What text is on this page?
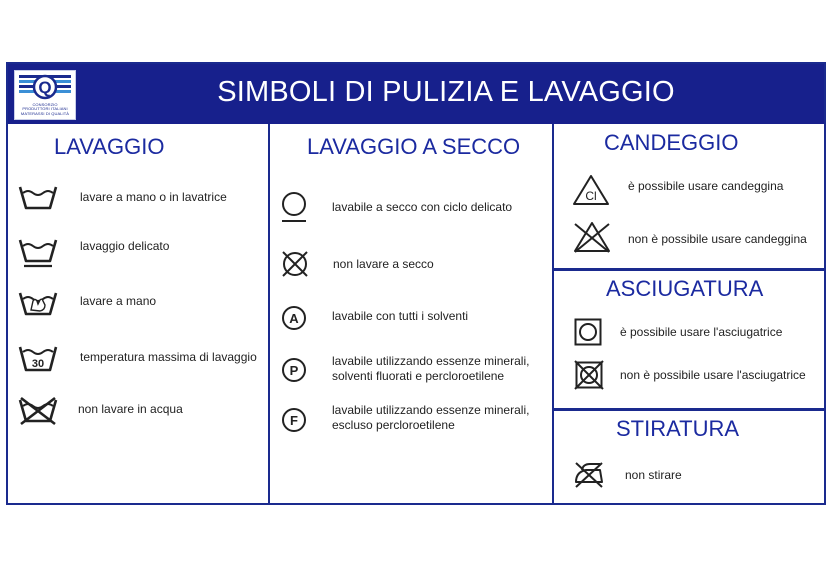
Q
CONSORZIO
PRODUTTORI ITALIANI
MATERASSI DI QUALITÀ
SIMBOLI DI PULIZIA E LAVAGGIO
LAVAGGIO
lavare a mano o in lavatrice
lavaggio delicato
lavare a mano
30	temperatura massima di lavaggio
non lavare in acqua
LAVAGGIO A SECCO
lavabile a secco con ciclo delicato
non lavare a secco
A	lavabile con tutti i solventi
P
lavabile utilizzando essenze minerali,
solventi fluorati e percloroetilene
F
lavabile utilizzando essenze minerali,
escluso percloroetilene
CANDEGGIO
Cl
è possibile usare candeggina
non è possibile usare candeggina
ASCIUGATURA
è possibile usare l'asciugatrice
non è possibile usare l'asciugatrice
STIRATURA
non stirare
